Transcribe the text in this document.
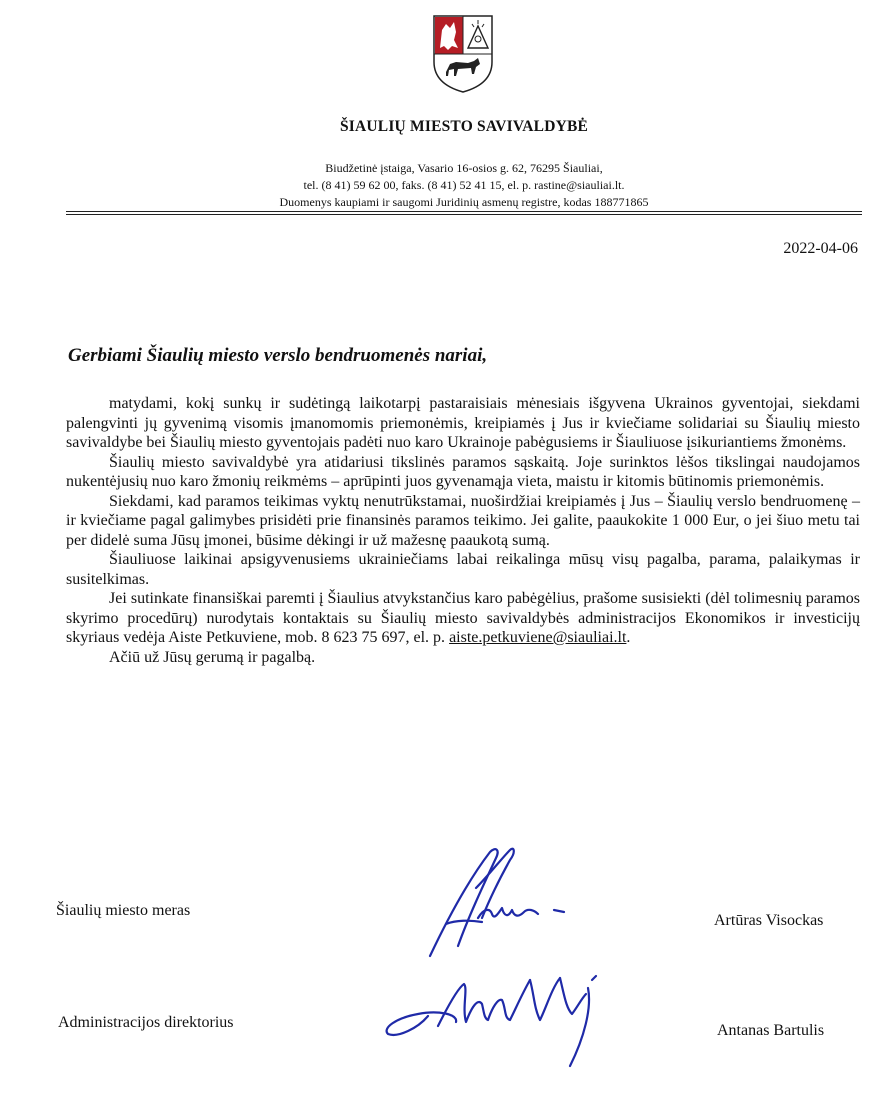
ŠIAULIŲ MIESTO SAVIVALDYBĖ
Biudžetinė įstaiga, Vasario 16-osios g. 62, 76295 Šiauliai,
tel. (8 41) 59 62 00, faks. (8 41) 52 41 15, el. p. rastine@siauliai.lt.
Duomenys kaupiami ir saugomi Juridinių asmenų registre, kodas 188771865
2022-04-06
Gerbiami Šiaulių miesto verslo bendruomenės nariai,

matydami, kokį sunkų ir sudėtingą laikotarpį pastaraisiais mėnesiais išgyvena Ukrainos gyventojai, siekdami palengvinti jų gyvenimą visomis įmanomomis priemonėmis, kreipiamės į Jus ir kviečiame solidariai su Šiaulių miesto savivaldybe bei Šiaulių miesto gyventojais padėti nuo karo Ukrainoje pabėgusiems ir Šiauliuose įsikuriantiems žmonėms.

Šiaulių miesto savivaldybė yra atidariusi tikslinės paramos sąskaitą. Joje surinktos lėšos tikslingai naudojamos nukentėjusių nuo karo žmonių reikmėms – aprūpinti juos gyvenamąja vieta, maistu ir kitomis būtinomis priemonėmis.

Siekdami, kad paramos teikimas vyktų nenutrūkstamai, nuoširdžiai kreipiamės į Jus – Šiaulių verslo bendruomenę – ir kviečiame pagal galimybes prisidėti prie finansinės paramos teikimo. Jei galite, paaukokite 1 000 Eur, o jei šiuo metu tai per didelė suma Jūsų įmonei, būsime dėkingi ir už mažesnę paaukotą sumą.

Šiauliuose laikinai apsigyvenusiems ukrainiečiams labai reikalinga mūsų visų pagalba, parama, palaikymas ir susitelkimas.

Jei sutinkate finansiškai paremti į Šiaulius atvykstančius karo pabėgėlius, prašome susisiekti (dėl tolimesnių paramos skyrimo procedūrų) nurodytais kontaktais su Šiaulių miesto savivaldybės administracijos Ekonomikos ir investicijų skyriaus vedėja Aiste Petkuviene, mob. 8 623 75 697, el. p. aiste.petkuviene@siauliai.lt.

Ačiū už Jūsų gerumą ir pagalbą.

Šiaulių miesto meras
Artūras Visockas
Administracijos direktorius	Antanas Bartulis
